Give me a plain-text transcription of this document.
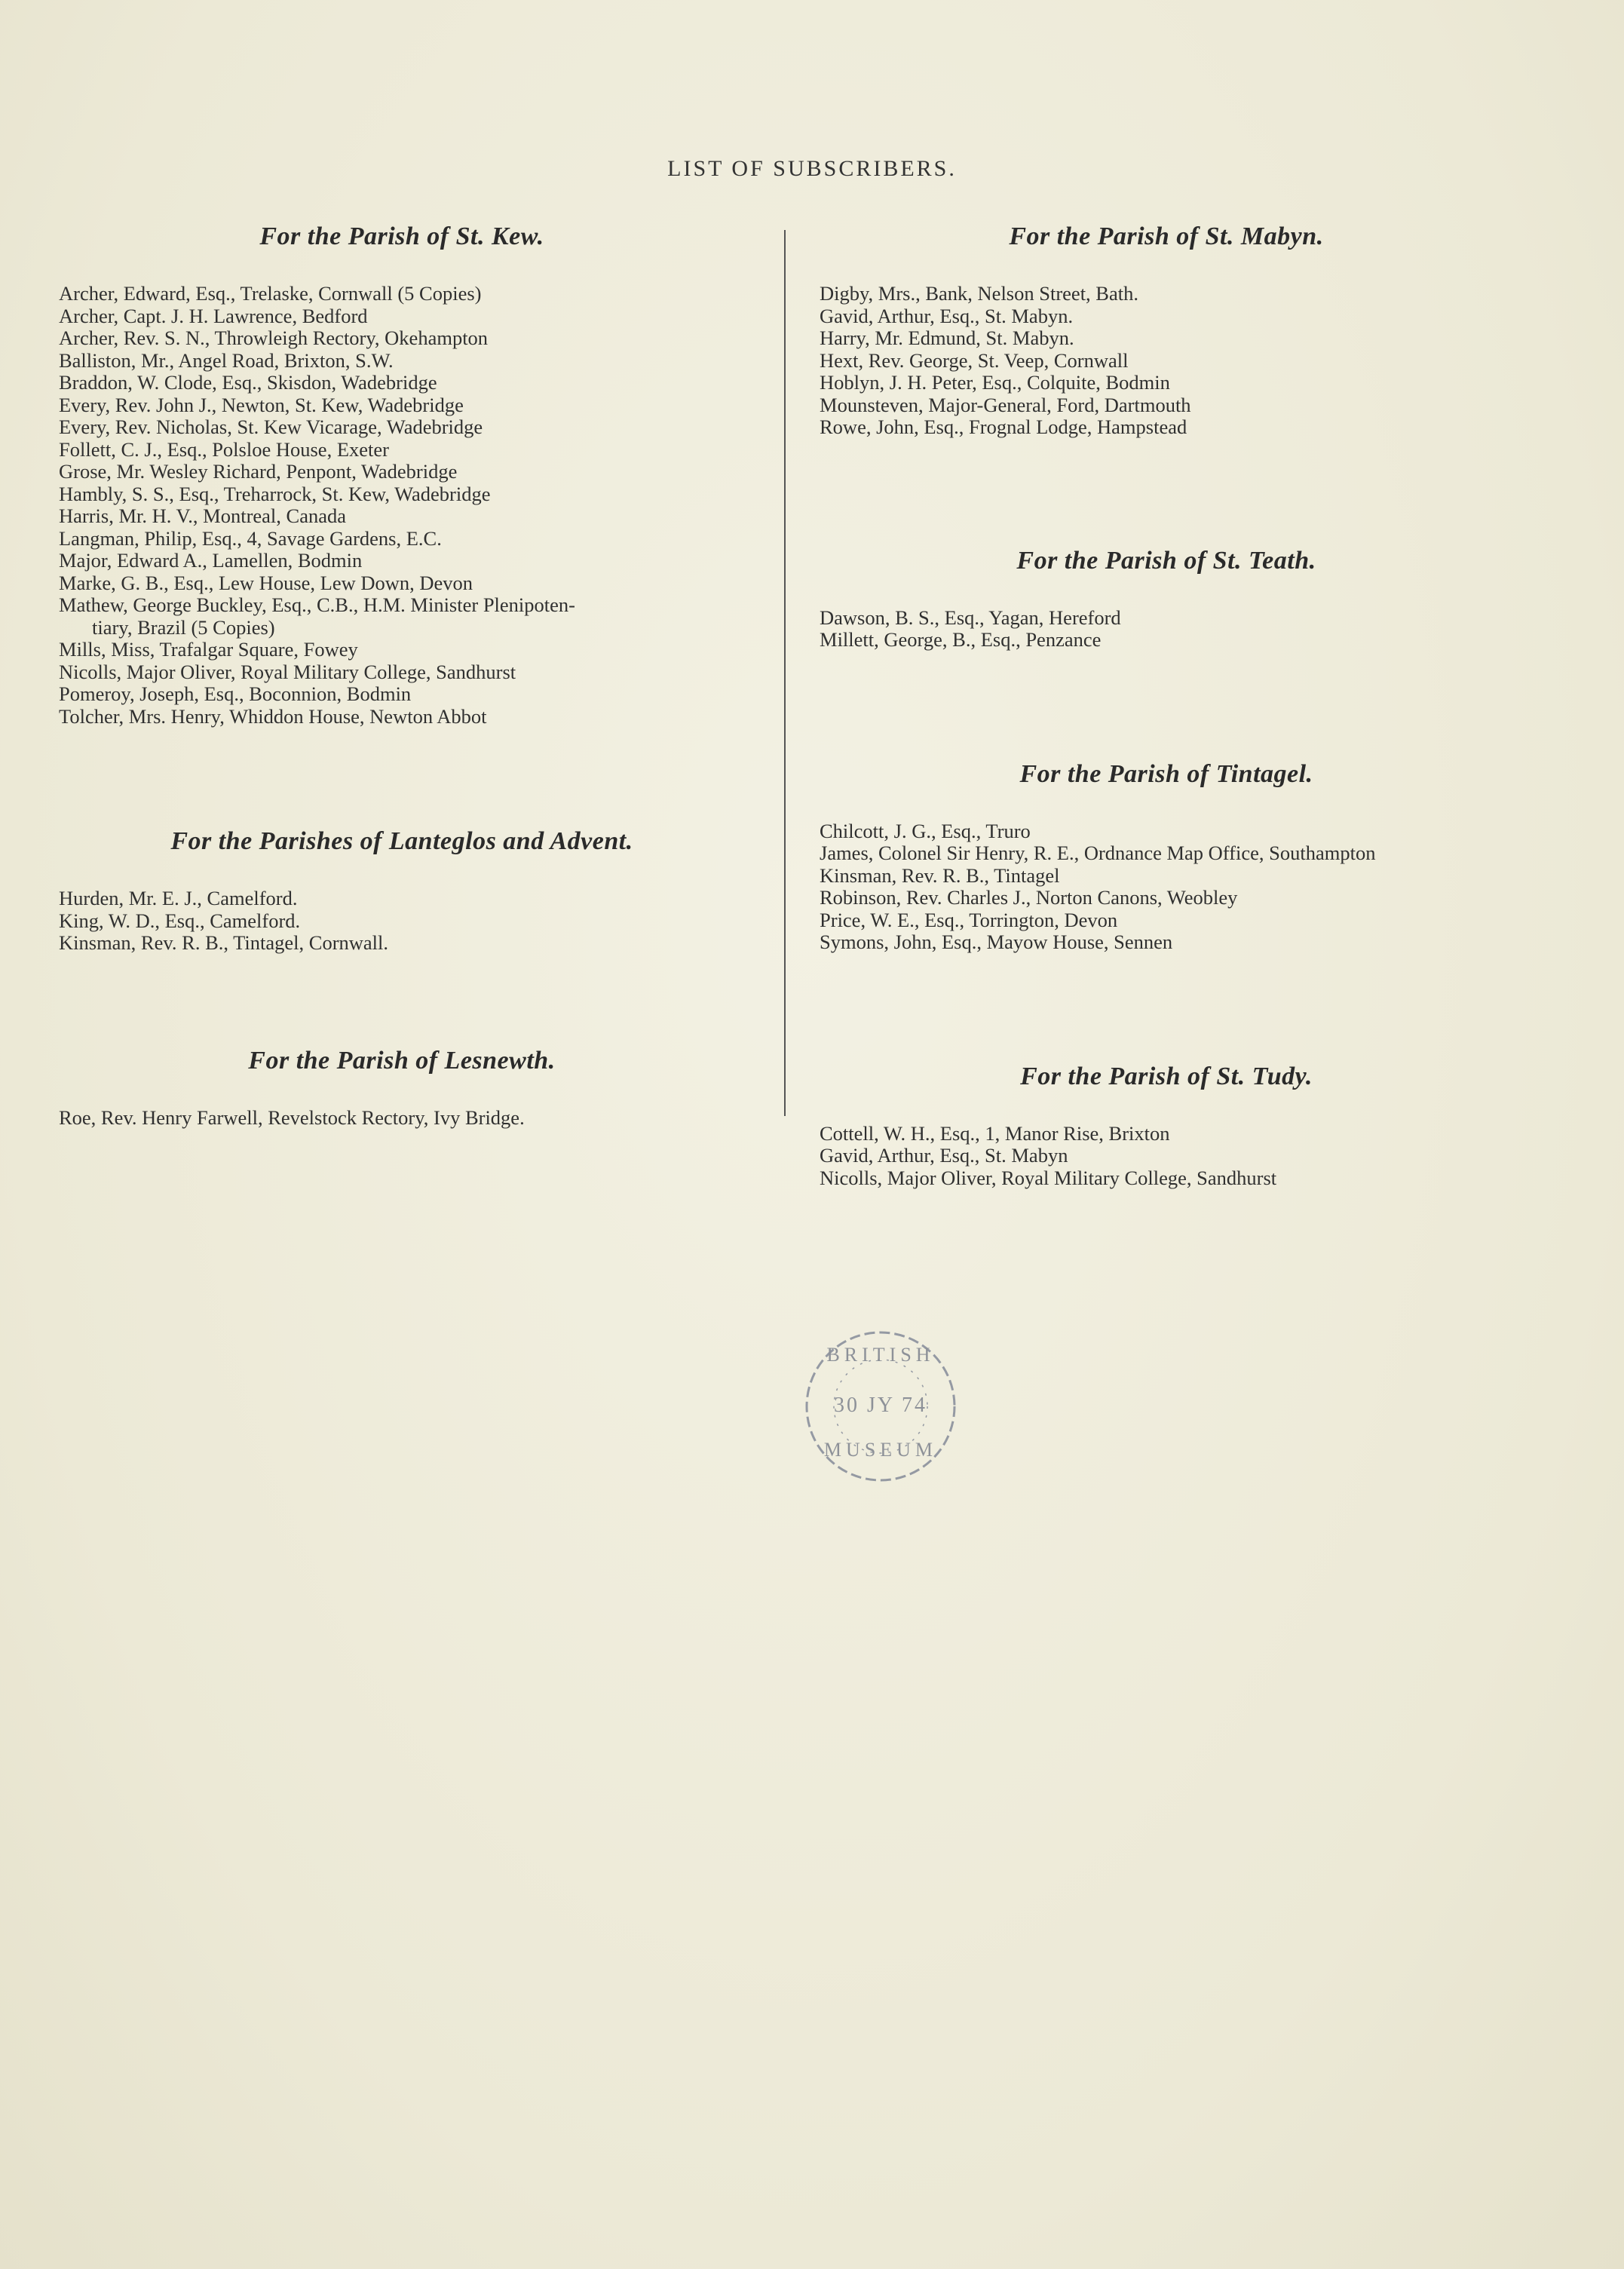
LIST OF SUBSCRIBERS.
For the Parish of St. Kew.
Archer, Edward, Esq., Trelaske, Cornwall (5 Copies)
Archer, Capt. J. H. Lawrence, Bedford
Archer, Rev. S. N., Throwleigh Rectory, Okehampton
Balliston, Mr., Angel Road, Brixton, S.W.
Braddon, W. Clode, Esq., Skisdon, Wadebridge
Every, Rev. John J., Newton, St. Kew, Wadebridge
Every, Rev. Nicholas, St. Kew Vicarage, Wadebridge
Follett, C. J., Esq., Polsloe House, Exeter
Grose, Mr. Wesley Richard, Penpont, Wadebridge
Hambly, S. S., Esq., Treharrock, St. Kew, Wadebridge
Harris, Mr. H. V., Montreal, Canada
Langman, Philip, Esq., 4, Savage Gardens, E.C.
Major, Edward A., Lamellen, Bodmin
Marke, G. B., Esq., Lew House, Lew Down, Devon
Mathew, George Buckley, Esq., C.B., H.M. Minister Plenipoten-
tiary, Brazil (5 Copies)
Mills, Miss, Trafalgar Square, Fowey
Nicolls, Major Oliver, Royal Military College, Sandhurst
Pomeroy, Joseph, Esq., Boconnion, Bodmin
Tolcher, Mrs. Henry, Whiddon House, Newton Abbot
For the Parishes of Lanteglos and Advent.
Hurden, Mr. E. J., Camelford.
King, W. D., Esq., Camelford.
Kinsman, Rev. R. B., Tintagel, Cornwall.
For the Parish of Lesnewth.
Roe, Rev. Henry Farwell, Revelstock Rectory, Ivy Bridge.
For the Parish of St. Mabyn.
Digby, Mrs., Bank, Nelson Street, Bath.
Gavid, Arthur, Esq., St. Mabyn.
Harry, Mr. Edmund, St. Mabyn.
Hext, Rev. George, St. Veep, Cornwall
Hoblyn, J. H. Peter, Esq., Colquite, Bodmin
Mounsteven, Major-General, Ford, Dartmouth
Rowe, John, Esq., Frognal Lodge, Hampstead
For the Parish of St. Teath.
Dawson, B. S., Esq., Yagan, Hereford
Millett, George, B., Esq., Penzance
For the Parish of Tintagel.
Chilcott, J. G., Esq., Truro
James, Colonel Sir Henry, R. E., Ordnance Map Office, Southampton
Kinsman, Rev. R. B., Tintagel
Robinson, Rev. Charles J., Norton Canons, Weobley
Price, W. E., Esq., Torrington, Devon
Symons, John, Esq., Mayow House, Sennen
For the Parish of St. Tudy.
Cottell, W. H., Esq., 1, Manor Rise, Brixton
Gavid, Arthur, Esq., St. Mabyn
Nicolls, Major Oliver, Royal Military College, Sandhurst
BRITISH
30 JY 74
MUSEUM
